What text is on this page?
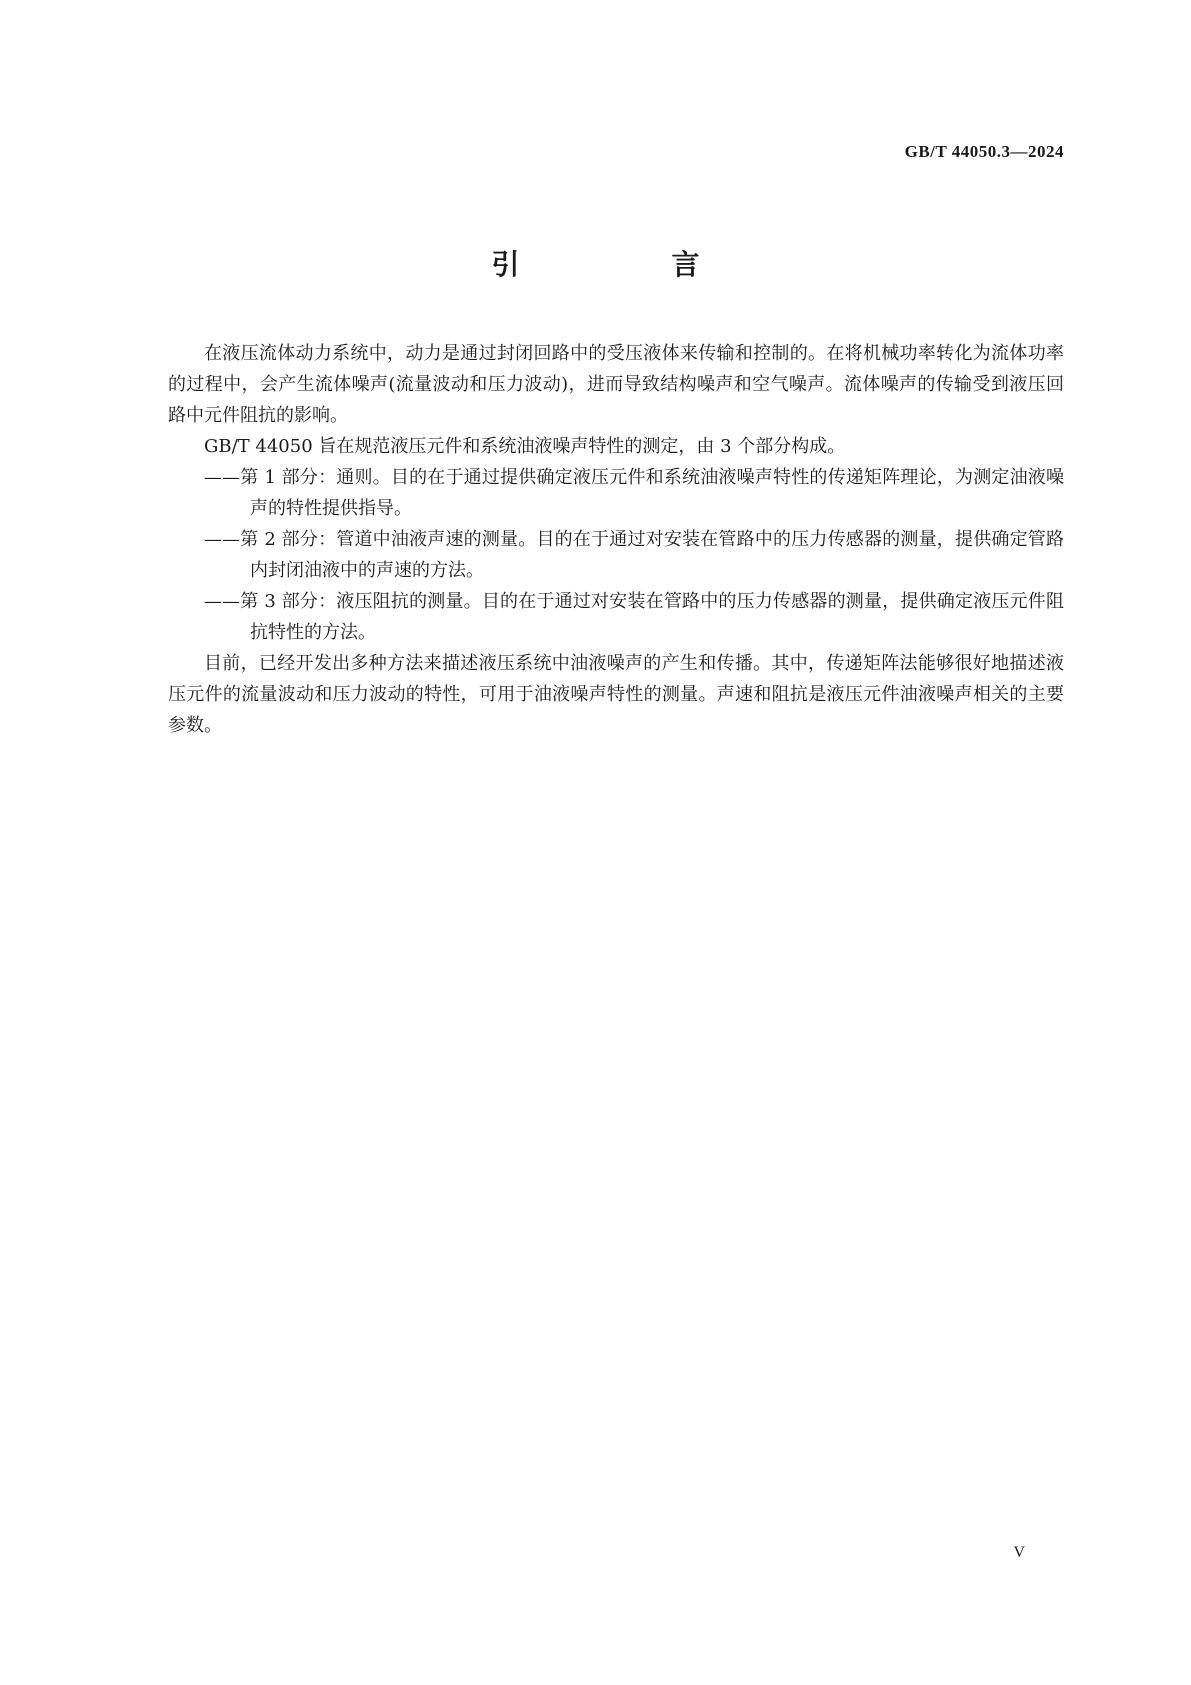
GB/T 44050.3—2024
引　言

在液压流体动力系统中，动力是通过封闭回路中的受压液体来传输和控制的。在将机械功率转化为流体功率的过程中，会产生流体噪声(流量波动和压力波动)，进而导致结构噪声和空气噪声。流体噪声的传输受到液压回路中元件阻抗的影响。

GB/T 44050 旨在规范液压元件和系统油液噪声特性的测定，由 3 个部分构成。

——第 1 部分：通则。目的在于通过提供确定液压元件和系统油液噪声特性的传递矩阵理论，为测定油液噪声的特性提供指导。

——第 2 部分：管道中油液声速的测量。目的在于通过对安装在管路中的压力传感器的测量，提供确定管路内封闭油液中的声速的方法。

——第 3 部分：液压阻抗的测量。目的在于通过对安装在管路中的压力传感器的测量，提供确定液压元件阻抗特性的方法。

目前，已经开发出多种方法来描述液压系统中油液噪声的产生和传播。其中，传递矩阵法能够很好地描述液压元件的流量波动和压力波动的特性，可用于油液噪声特性的测量。声速和阻抗是液压元件油液噪声相关的主要参数。

V
